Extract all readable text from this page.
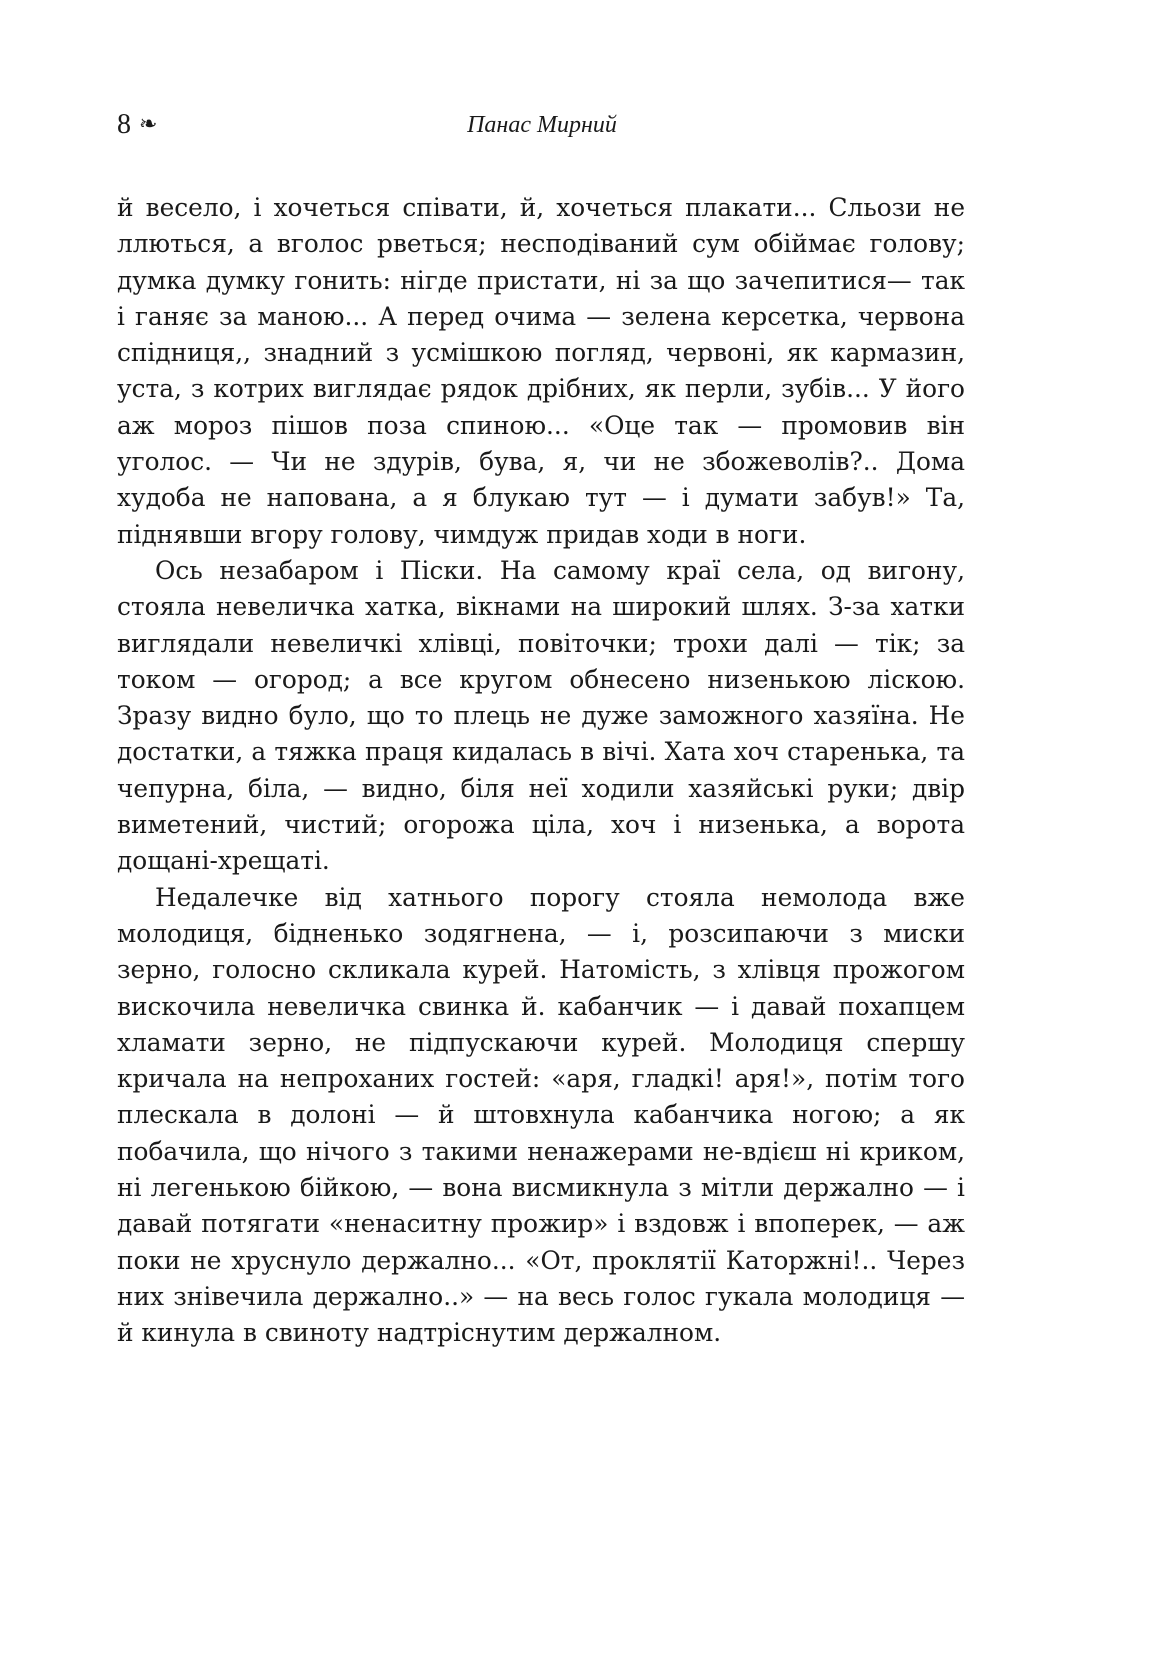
8 ❧	Панас Мирний

й весело, і хочеться співати, й, хочеться плакати... Сльози не ллються, а вголос рветься; несподіваний сум обіймає голову; думка думку гонить: нігде пристати, ні за що зачепитися— так і ганяє за маною... А перед очима — зелена керсетка, червона спідниця,, знадний з усмішкою погляд, червоні, як кармазин, уста, з котрих виглядає рядок дрібних, як перли, зубів... У його аж мороз пішов поза спиною... «Оце так — промовив він уголос. — Чи не здурів, бува, я, чи не збожеволів?.. Дома худоба не напована, а я блукаю тут — і думати забув!» Та, піднявши вгору голову, чимдуж придав ходи в ноги.

Ось незабаром і Піски. На самому краї села, од вигону, стояла невеличка хатка, вікнами на широкий шлях. З-за хатки виглядали невеличкі хлівці, повіточки; трохи далі — тік; за током — огород; а все кругом обнесено низенькою ліскою. Зразу видно було, що то плець не дуже заможного хазяїна. Не достатки, а тяжка праця кидалась в вічі. Хата хоч старенька, та чепурна, біла, — видно, біля неї ходили хазяйські руки; двір виметений, чистий; огорожа ціла, хоч і низенька, а ворота дощані-хрещаті.

Недалечке від хатнього порогу стояла немолода вже молодиця, бідненько зодягнена, — і, розсипаючи з миски зерно, голосно скликала курей. Натомість, з хлівця прожогом вискочила невеличка свинка й. кабанчик — і давай похапцем хламати зерно, не підпускаючи курей. Молодиця спершу кричала на непроханих гостей: «аря, гладкі! аря!», потім того плескала в долоні — й штовхнула кабанчика ногою; а як побачила, що нічого з такими ненажерами не-вдієш ні криком, ні легенькою бійкою, — вона висмикнула з мітли держално — і давай потягати «ненаситну прожир» і вздовж і впоперек, — аж поки не хруснуло держално... «От, проклятії Каторжні!.. Через них знівечила держално..» — на весь голос гукала молодиця — й кинула в свиноту надтріснутим держалном.
